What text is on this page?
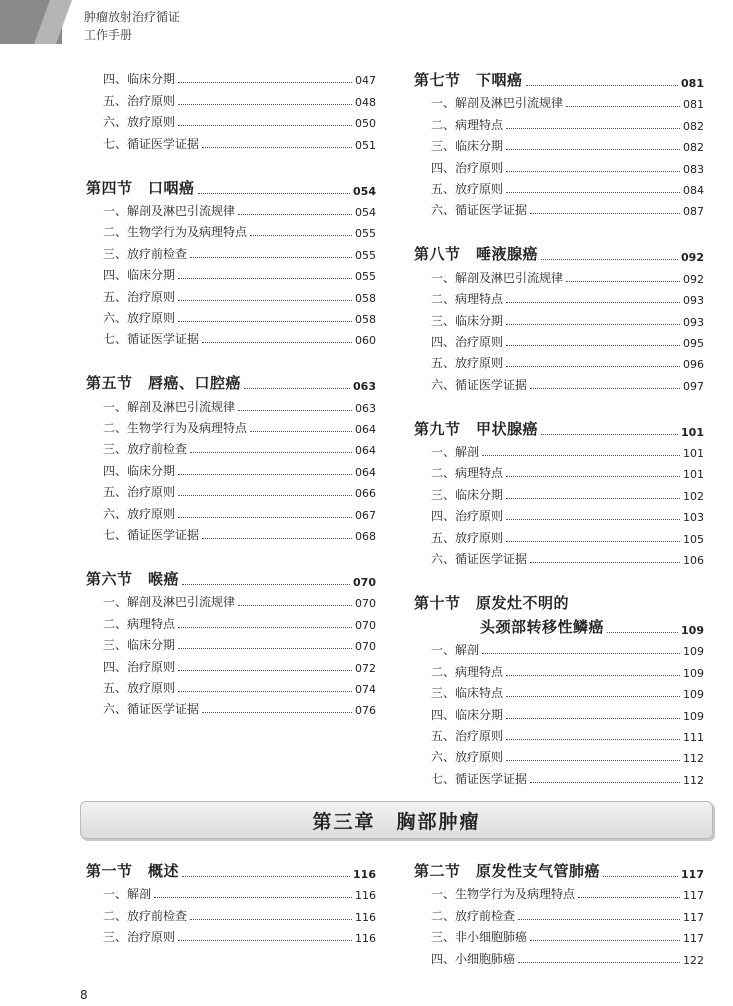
肿瘤放射治疗循证
工作手册
四、临床分期	047
五、治疗原则	048
六、放疗原则	050
七、循证医学证据	051
第四节　口咽癌	054
一、解剖及淋巴引流规律	054
二、生物学行为及病理特点	055
三、放疗前检查	055
四、临床分期	055
五、治疗原则	058
六、放疗原则	058
七、循证医学证据	060
第五节　唇癌、口腔癌	063
一、解剖及淋巴引流规律	063
二、生物学行为及病理特点	064
三、放疗前检查	064
四、临床分期	064
五、治疗原则	066
六、放疗原则	067
七、循证医学证据	068
第六节　喉癌	070
一、解剖及淋巴引流规律	070
二、病理特点	070
三、临床分期	070
四、治疗原则	072
五、放疗原则	074
六、循证医学证据	076
第七节　下咽癌	081
一、解剖及淋巴引流规律	081
二、病理特点	082
三、临床分期	082
四、治疗原则	083
五、放疗原则	084
六、循证医学证据	087
第八节　唾液腺癌	092
一、解剖及淋巴引流规律	092
二、病理特点	093
三、临床分期	093
四、治疗原则	095
五、放疗原则	096
六、循证医学证据	097
第九节　甲状腺癌	101
一、解剖	101
二、病理特点	101
三、临床分期	102
四、治疗原则	103
五、放疗原则	105
六、循证医学证据	106
第十节　原发灶不明的
头颈部转移性鳞癌	109
一、解剖	109
二、病理特点	109
三、临床特点	109
四、临床分期	109
五、治疗原则	111
六、放疗原则	112
七、循证医学证据	112
第三章　胸部肿瘤
第一节　概述	116
一、解剖	116
二、放疗前检查	116
三、治疗原则	116
第二节　原发性支气管肺癌	117
一、生物学行为及病理特点	117
二、放疗前检查	117
三、非小细胞肺癌	117
四、小细胞肺癌	122
8
